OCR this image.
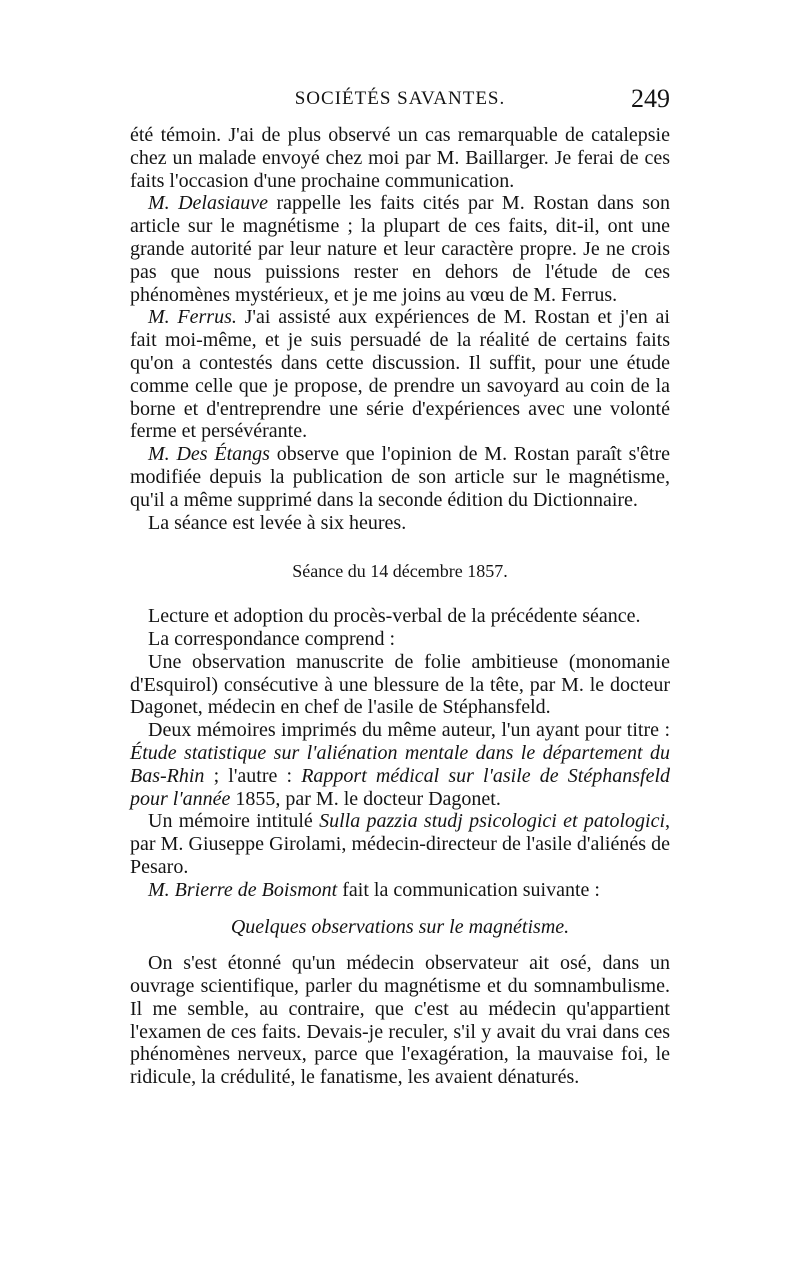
SOCIÉTÉS SAVANTES.	249

été témoin. J'ai de plus observé un cas remarquable de catalepsie chez un malade envoyé chez moi par M. Baillarger. Je ferai de ces faits l'occasion d'une prochaine communication.

M. Delasiauve rappelle les faits cités par M. Rostan dans son article sur le magnétisme ; la plupart de ces faits, dit-il, ont une grande autorité par leur nature et leur caractère propre. Je ne crois pas que nous puissions rester en dehors de l'étude de ces phénomènes mystérieux, et je me joins au vœu de M. Ferrus.

M. Ferrus. J'ai assisté aux expériences de M. Rostan et j'en ai fait moi-même, et je suis persuadé de la réalité de certains faits qu'on a contestés dans cette discussion. Il suffit, pour une étude comme celle que je propose, de prendre un savoyard au coin de la borne et d'entreprendre une série d'expériences avec une volonté ferme et persévérante.

M. Des Étangs observe que l'opinion de M. Rostan paraît s'être modifiée depuis la publication de son article sur le magnétisme, qu'il a même supprimé dans la seconde édition du Dictionnaire.

La séance est levée à six heures.

Séance du 14 décembre 1857.

Lecture et adoption du procès-verbal de la précédente séance.

La correspondance comprend :

Une observation manuscrite de folie ambitieuse (monomanie d'Esquirol) consécutive à une blessure de la tête, par M. le docteur Dagonet, médecin en chef de l'asile de Stéphansfeld.

Deux mémoires imprimés du même auteur, l'un ayant pour titre : Étude statistique sur l'aliénation mentale dans le département du Bas-Rhin ; l'autre : Rapport médical sur l'asile de Stéphansfeld pour l'année 1855, par M. le docteur Dagonet.

Un mémoire intitulé Sulla pazzia studj psicologici et patologici, par M. Giuseppe Girolami, médecin-directeur de l'asile d'aliénés de Pesaro.

M. Brierre de Boismont fait la communication suivante :

Quelques observations sur le magnétisme.

On s'est étonné qu'un médecin observateur ait osé, dans un ouvrage scientifique, parler du magnétisme et du somnambulisme. Il me semble, au contraire, que c'est au médecin qu'appartient l'examen de ces faits. Devais-je reculer, s'il y avait du vrai dans ces phénomènes nerveux, parce que l'exagération, la mauvaise foi, le ridicule, la crédulité, le fanatisme, les avaient dénaturés.
